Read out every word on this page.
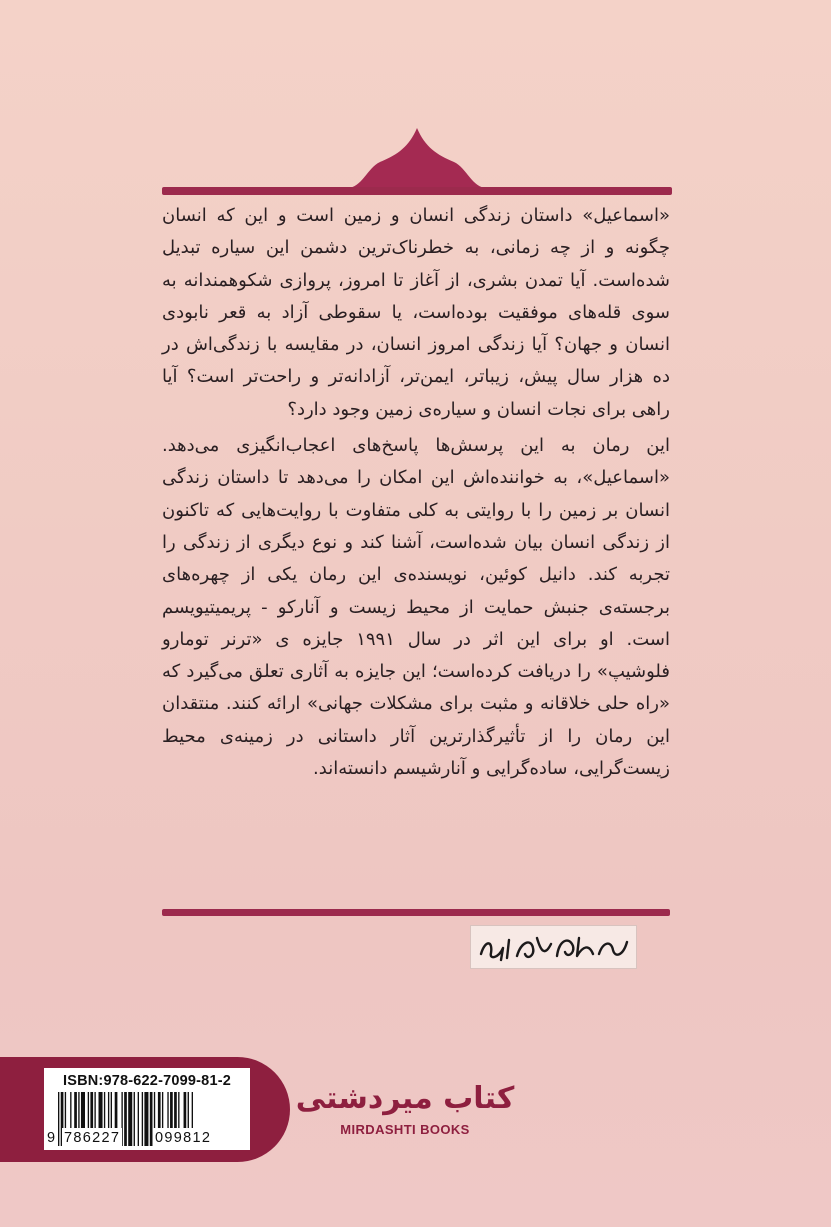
«اسماعیل» داستان زندگی انسان و زمین است و این که انسان چگونه و از چه زمانی، به خطرناک‌ترین دشمن این سیاره تبدیل شده‌است. آیا تمدن بشری، از آغاز تا امروز، پروازی شکوهمندانه به سوی قله‌های موفقیت بوده‌است، یا سقوطی آزاد به قعر نابودی انسان و جهان؟ آیا زندگی امروز انسان، در مقایسه با زندگی‌اش در ده هزار سال پیش، زیباتر، ایمن‌تر، آزادانه‌تر و راحت‌تر است؟ آیا راهی برای نجات انسان و سیاره‌ی زمین وجود دارد؟

این رمان به این پرسش‌ها پاسخ‌های اعجاب‌انگیزی می‌دهد. «اسماعیل»، به خواننده‌اش این امکان را می‌دهد تا داستان زندگی انسان بر زمین را با روایتی به کلی متفاوت با روایت‌هایی که تاکنون از زندگی انسان بیان شده‌است، آشنا کند و نوع دیگری از زندگی را تجربه کند. دانیل کوئین، نویسنده‌ی این رمان یکی از چهره‌های برجسته‌ی جنبش حمایت از محیط زیست و آنارکو - پریمیتیویسم است. او برای این اثر در سال ۱۹۹۱ جایزه ی «ترنر تومارو فلوشیپ» را دریافت کرده‌است؛ این جایزه به آثاری تعلق می‌گیرد که «راه حلی خلاقانه و مثبت برای مشکلات جهانی» ارائه کنند. منتقدان این رمان را از تأثیرگذارترین آثار داستانی در زمینه‌ی محیط زیست‌گرایی، ساده‌گرایی و آنارشیسم دانسته‌اند.

ISBN:978-622-7099-81-2
9 786227 099812
کتاب میردشتی
MIRDASHTI BOOKS
